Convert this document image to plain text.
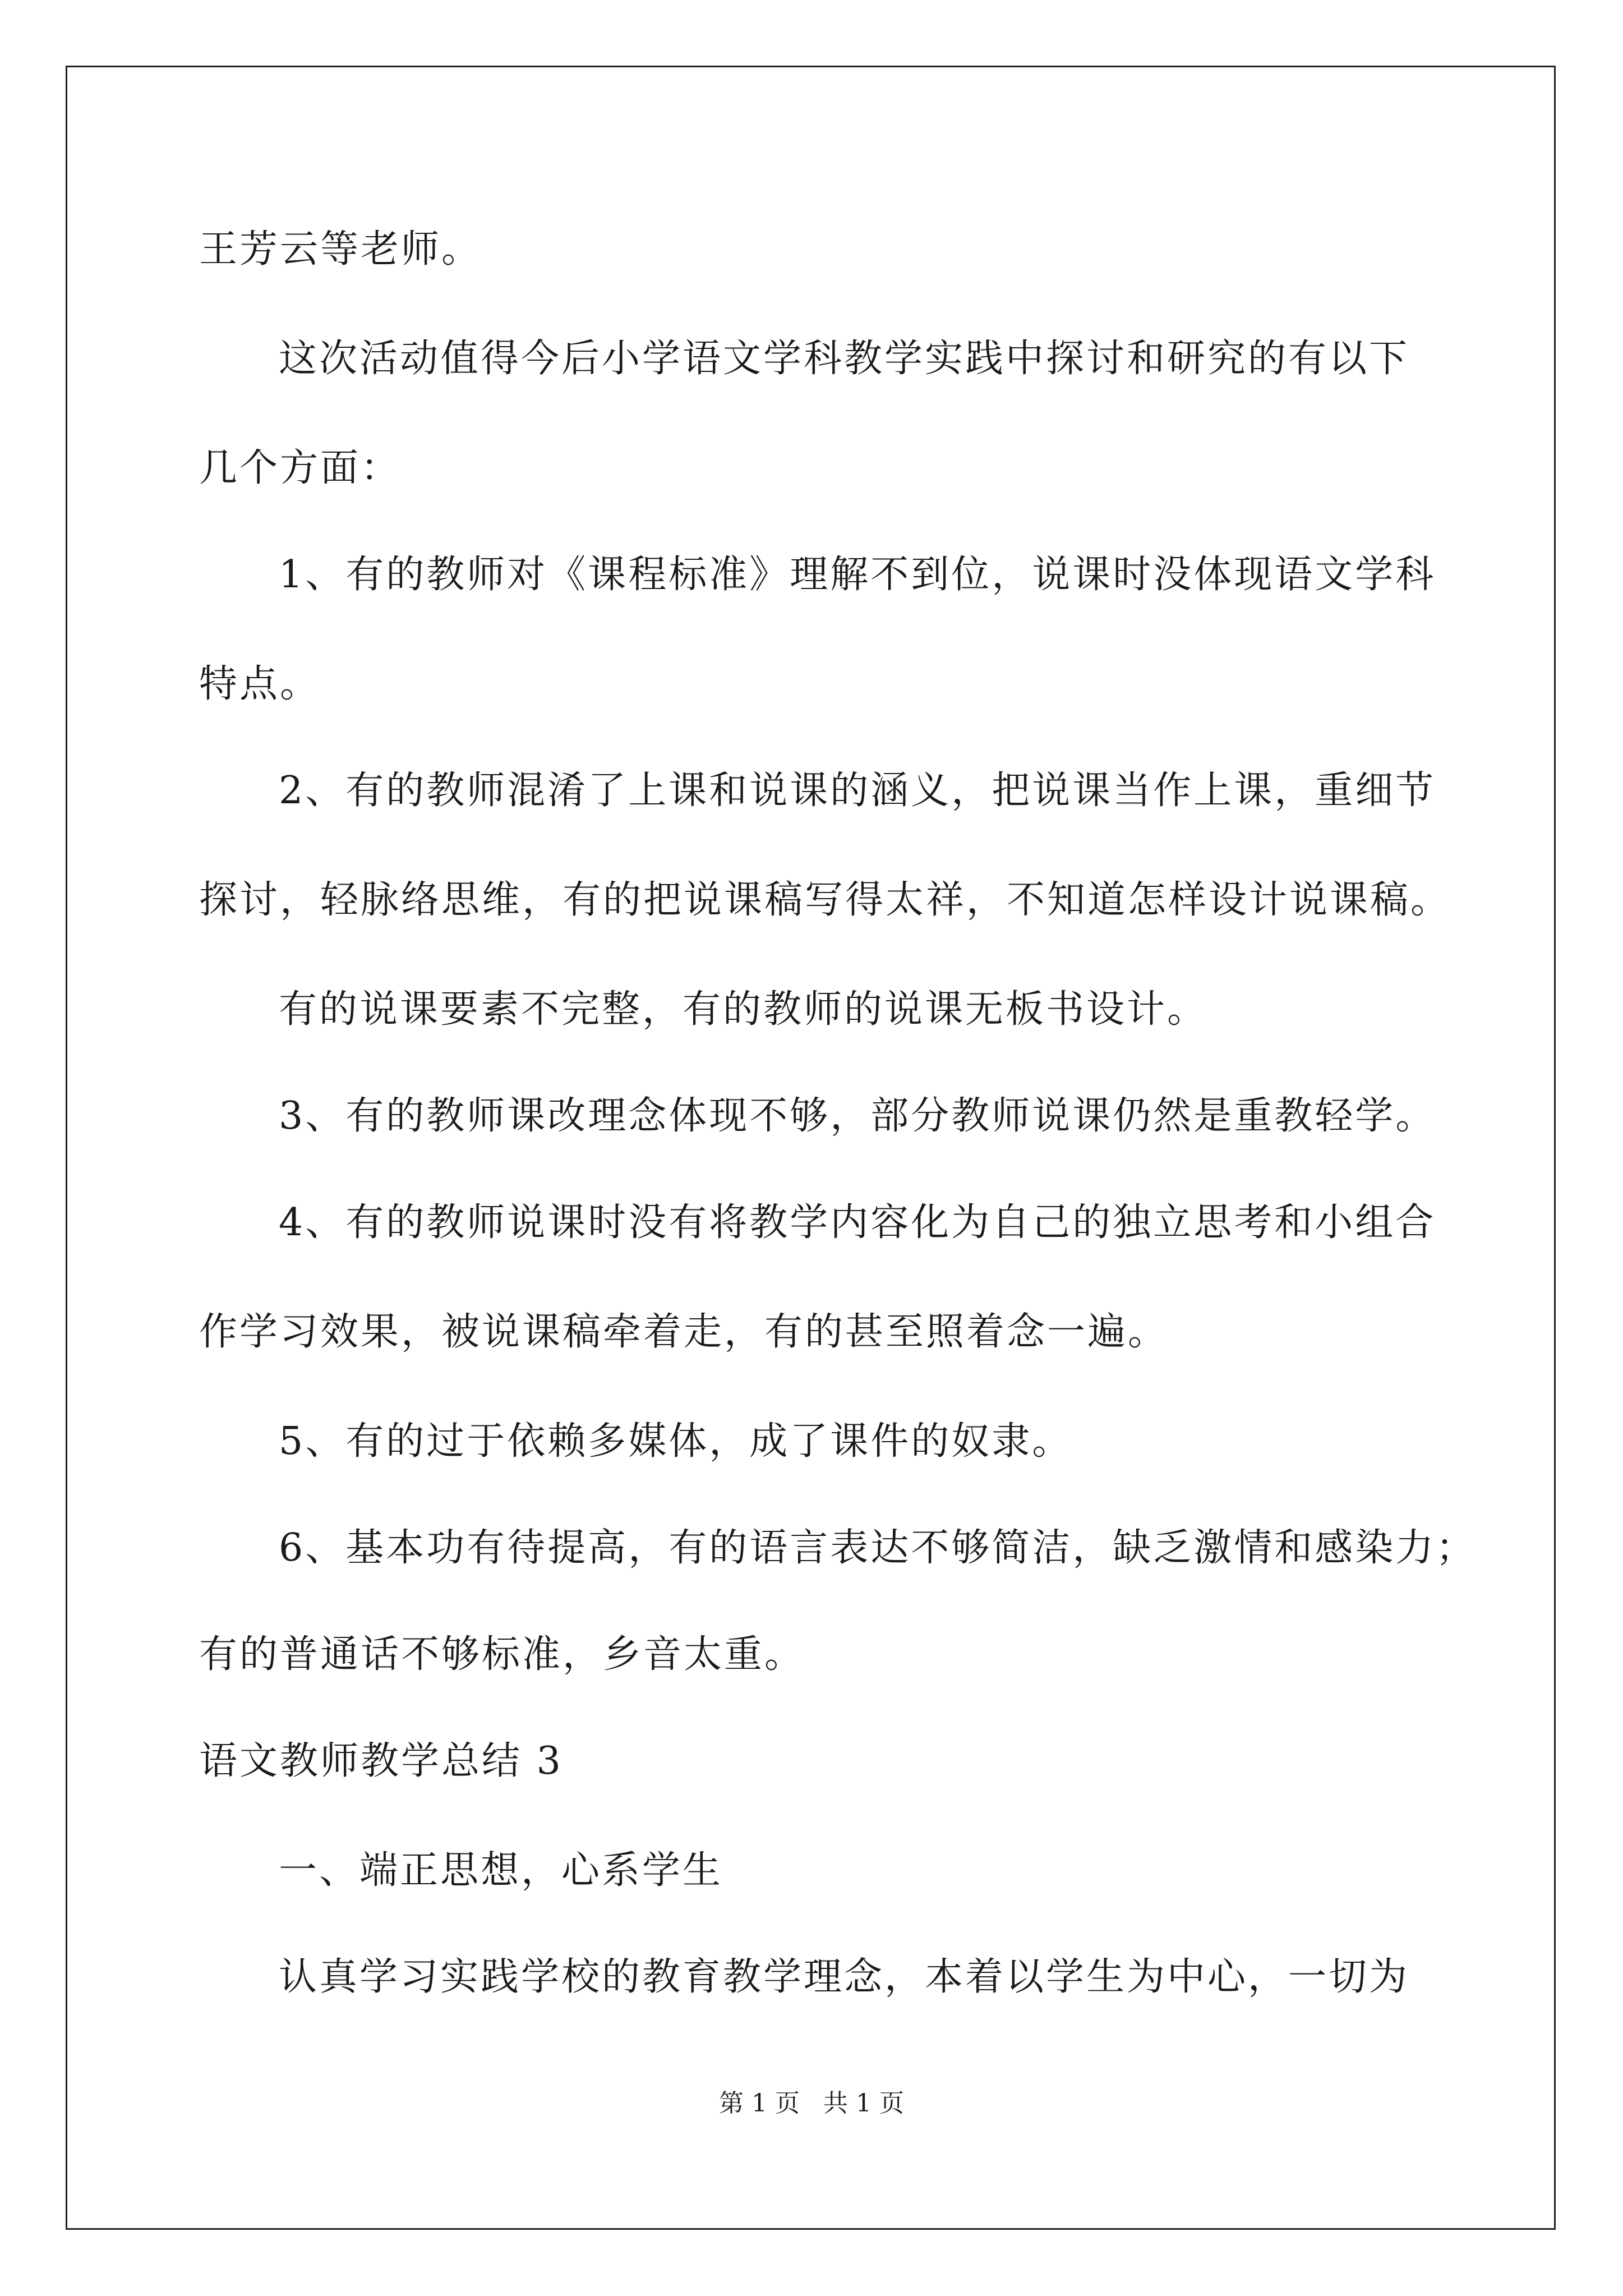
王芳云等老师。
这次活动值得今后小学语文学科教学实践中探讨和研究的有以下
几个方面：
1、有的教师对《课程标准》理解不到位，说课时没体现语文学科
特点。
2、有的教师混淆了上课和说课的涵义，把说课当作上课，重细节
探讨，轻脉络思维，有的把说课稿写得太祥，不知道怎样设计说课稿。
有的说课要素不完整，有的教师的说课无板书设计。
3、有的教师课改理念体现不够，部分教师说课仍然是重教轻学。
4、有的教师说课时没有将教学内容化为自己的独立思考和小组合
作学习效果，被说课稿牵着走，有的甚至照着念一遍。
5、有的过于依赖多媒体，成了课件的奴隶。
6、基本功有待提高，有的语言表达不够简洁，缺乏激情和感染力；
有的普通话不够标准，乡音太重。
语文教师教学总结 3
一、端正思想，心系学生
认真学习实践学校的教育教学理念，本着以学生为中心，一切为
第 1 页   共 1 页
